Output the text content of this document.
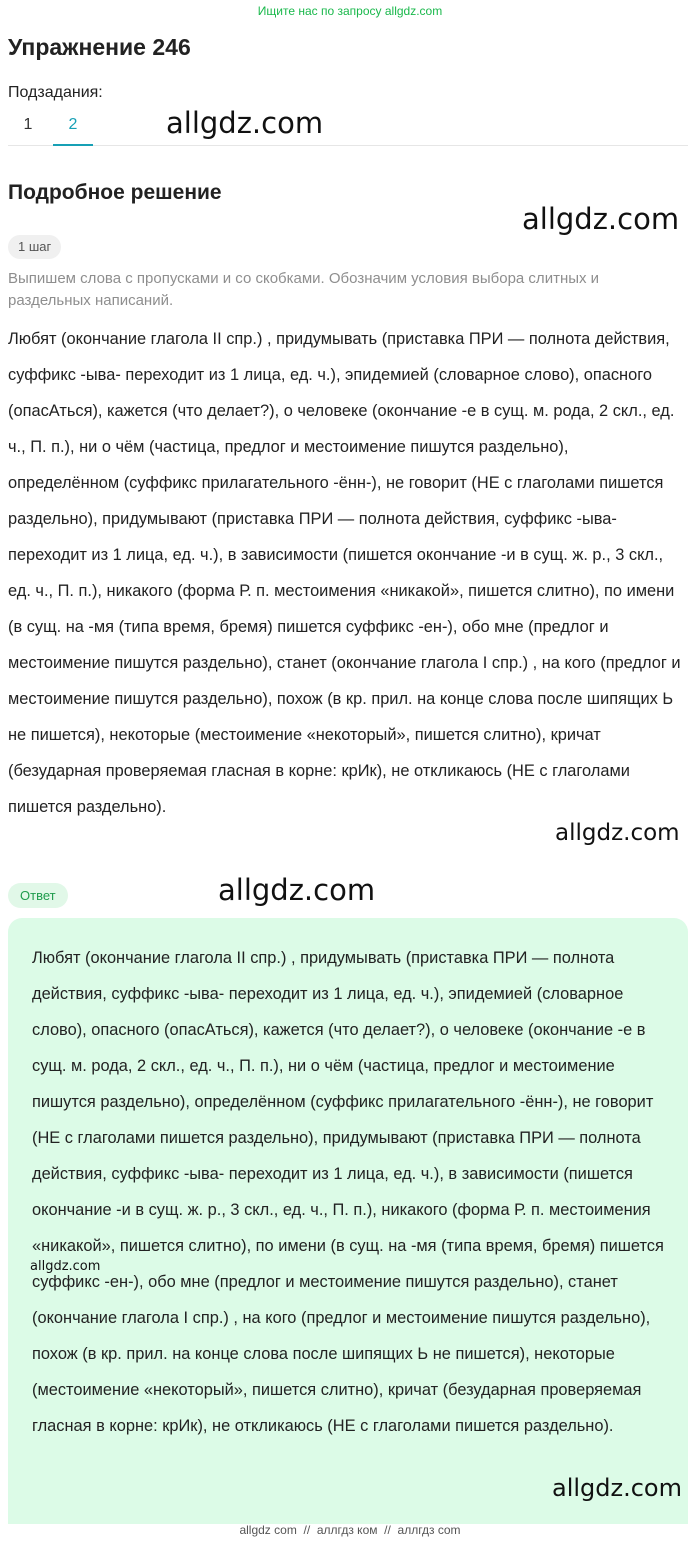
Ищите нас по запросу allgdz.com
Упражнение 246
Подзадания:
1	2	allgdz.com
allgdz.com
Подробное решение
1 шаг
Выпишем слова с пропусками и со скобками. Обозначим условия выбора слитных и раздельных написаний.
Любят (окончание глагола II спр.) , придумывать (приставка ПРИ — полнота действия, суффикс -ыва- переходит из 1 лица, ед. ч.), эпидемией (словарное слово), опасного (опасАться), кажется (что делает?), о человеке (окончание -е в сущ. м. рода, 2 скл., ед. ч., П. п.), ни о чём (частица, предлог и местоимение пишутся раздельно), определённом (суффикс прилагательного -ённ-), не говорит (НЕ с глаголами пишется раздельно), придумывают (приставка ПРИ — полнота действия, суффикс -ыва- переходит из 1 лица, ед. ч.), в зависимости (пишется окончание -и в сущ. ж. р., 3 скл., ед. ч., П. п.), никакого (форма Р. п. местоимения «никакой», пишется слитно), по имени (в сущ. на -мя (типа время, бремя) пишется суффикс -ен-), обо мне (предлог и местоимение пишутся раздельно), станет (окончание глагола I спр.) , на кого (предлог и местоимение пишутся раздельно), похож (в кр. прил. на конце слова после шипящих Ь не пишется), некоторые (местоимение «некоторый», пишется слитно), кричат (безударная проверяемая гласная в корне: крИк), не откликаюсь (НЕ с глаголами пишется раздельно).
allgdz.com
Ответ	allgdz.com
Любят (окончание глагола II спр.) , придумывать (приставка ПРИ — полнота действия, суффикс -ыва- переходит из 1 лица, ед. ч.), эпидемией (словарное слово), опасного (опасАться), кажется (что делает?), о человеке (окончание -е в сущ. м. рода, 2 скл., ед. ч., П. п.), ни о чём (частица, предлог и местоимение пишутся раздельно), определённом (суффикс прилагательного -ённ-), не говорит (НЕ с глаголами пишется раздельно), придумывают (приставка ПРИ — полнота действия, суффикс -ыва- переходит из 1 лица, ед. ч.), в зависимости (пишется окончание -и в сущ. ж. р., 3 скл., ед. ч., П. п.), никакого (форма Р. п. местоимения «никакой», пишется слитно), по имени (в сущ. на -мя (типа время, бремя) пишется суффикс -ен-), обо мне (предлог и местоимение пишутся раздельно), станет (окончание глагола I спр.) , на кого (предлог и местоимение пишутся раздельно), похож (в кр. прил. на конце слова после шипящих Ь не пишется), некоторые (местоимение «некоторый», пишется слитно), кричат (безударная проверяемая гласная в корне: крИк), не откликаюсь (НЕ с глаголами пишется раздельно).
allgdz.com
allgdz.com
allgdz com // аллгдз ком // аллгдз com
